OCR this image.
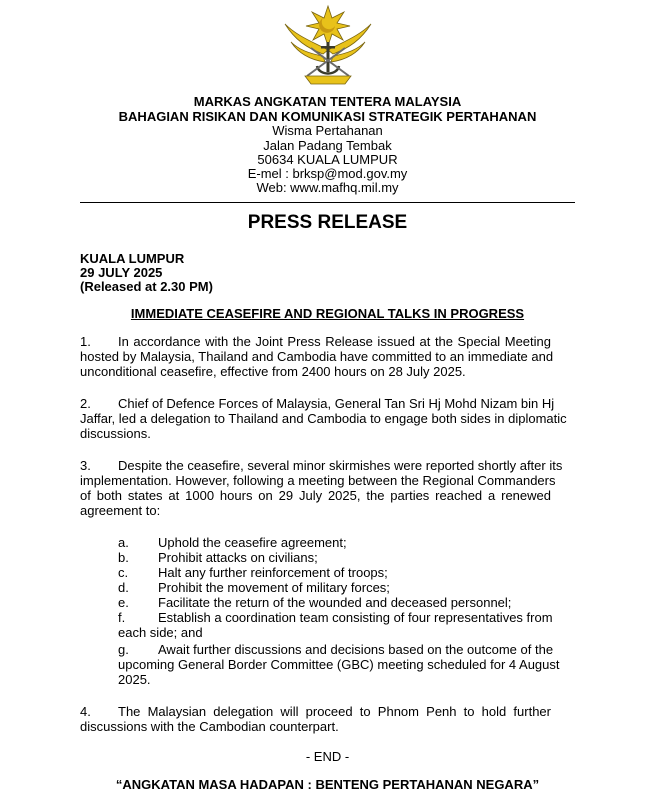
MARKAS ANGKATAN TENTERA MALAYSIA
BAHAGIAN RISIKAN DAN KOMUNIKASI STRATEGIK PERTAHANAN
Wisma Pertahanan
Jalan Padang Tembak
50634 KUALA LUMPUR
E-mel : brksp@mod.gov.my
Web: www.mafhq.mil.my
PRESS RELEASE
KUALA LUMPUR
29 JULY 2025
(Released at 2.30 PM)
IMMEDIATE CEASEFIRE AND REGIONAL TALKS IN PROGRESS
1.	In accordance with the Joint Press Release issued at the Special Meeting
hosted by Malaysia, Thailand and Cambodia have committed to an immediate and
unconditional ceasefire, effective from 2400 hours on 28 July 2025.
2.	Chief of Defence Forces of Malaysia, General Tan Sri Hj Mohd Nizam bin Hj
Jaffar, led a delegation to Thailand and Cambodia to engage both sides in diplomatic
discussions.
3.	Despite the ceasefire, several minor skirmishes were reported shortly after its
implementation. However, following a meeting between the Regional Commanders
of both states at 1000 hours on 29 July 2025, the parties reached a renewed
agreement to:
a. Uphold the ceasefire agreement;
b. Prohibit attacks on civilians;
c. Halt any further reinforcement of troops;
d. Prohibit the movement of military forces;
e. Facilitate the return of the wounded and deceased personnel;
f.	Establish a coordination team consisting of four representatives from
each side; and
g. Await further discussions and decisions based on the outcome of the
upcoming General Border Committee (GBC) meeting scheduled for 4 August
2025.
4.	The Malaysian delegation will proceed to Phnom Penh to hold further
discussions with the Cambodian counterpart.
- END -
“ANGKATAN MASA HADAPAN : BENTENG PERTAHANAN NEGARA”
